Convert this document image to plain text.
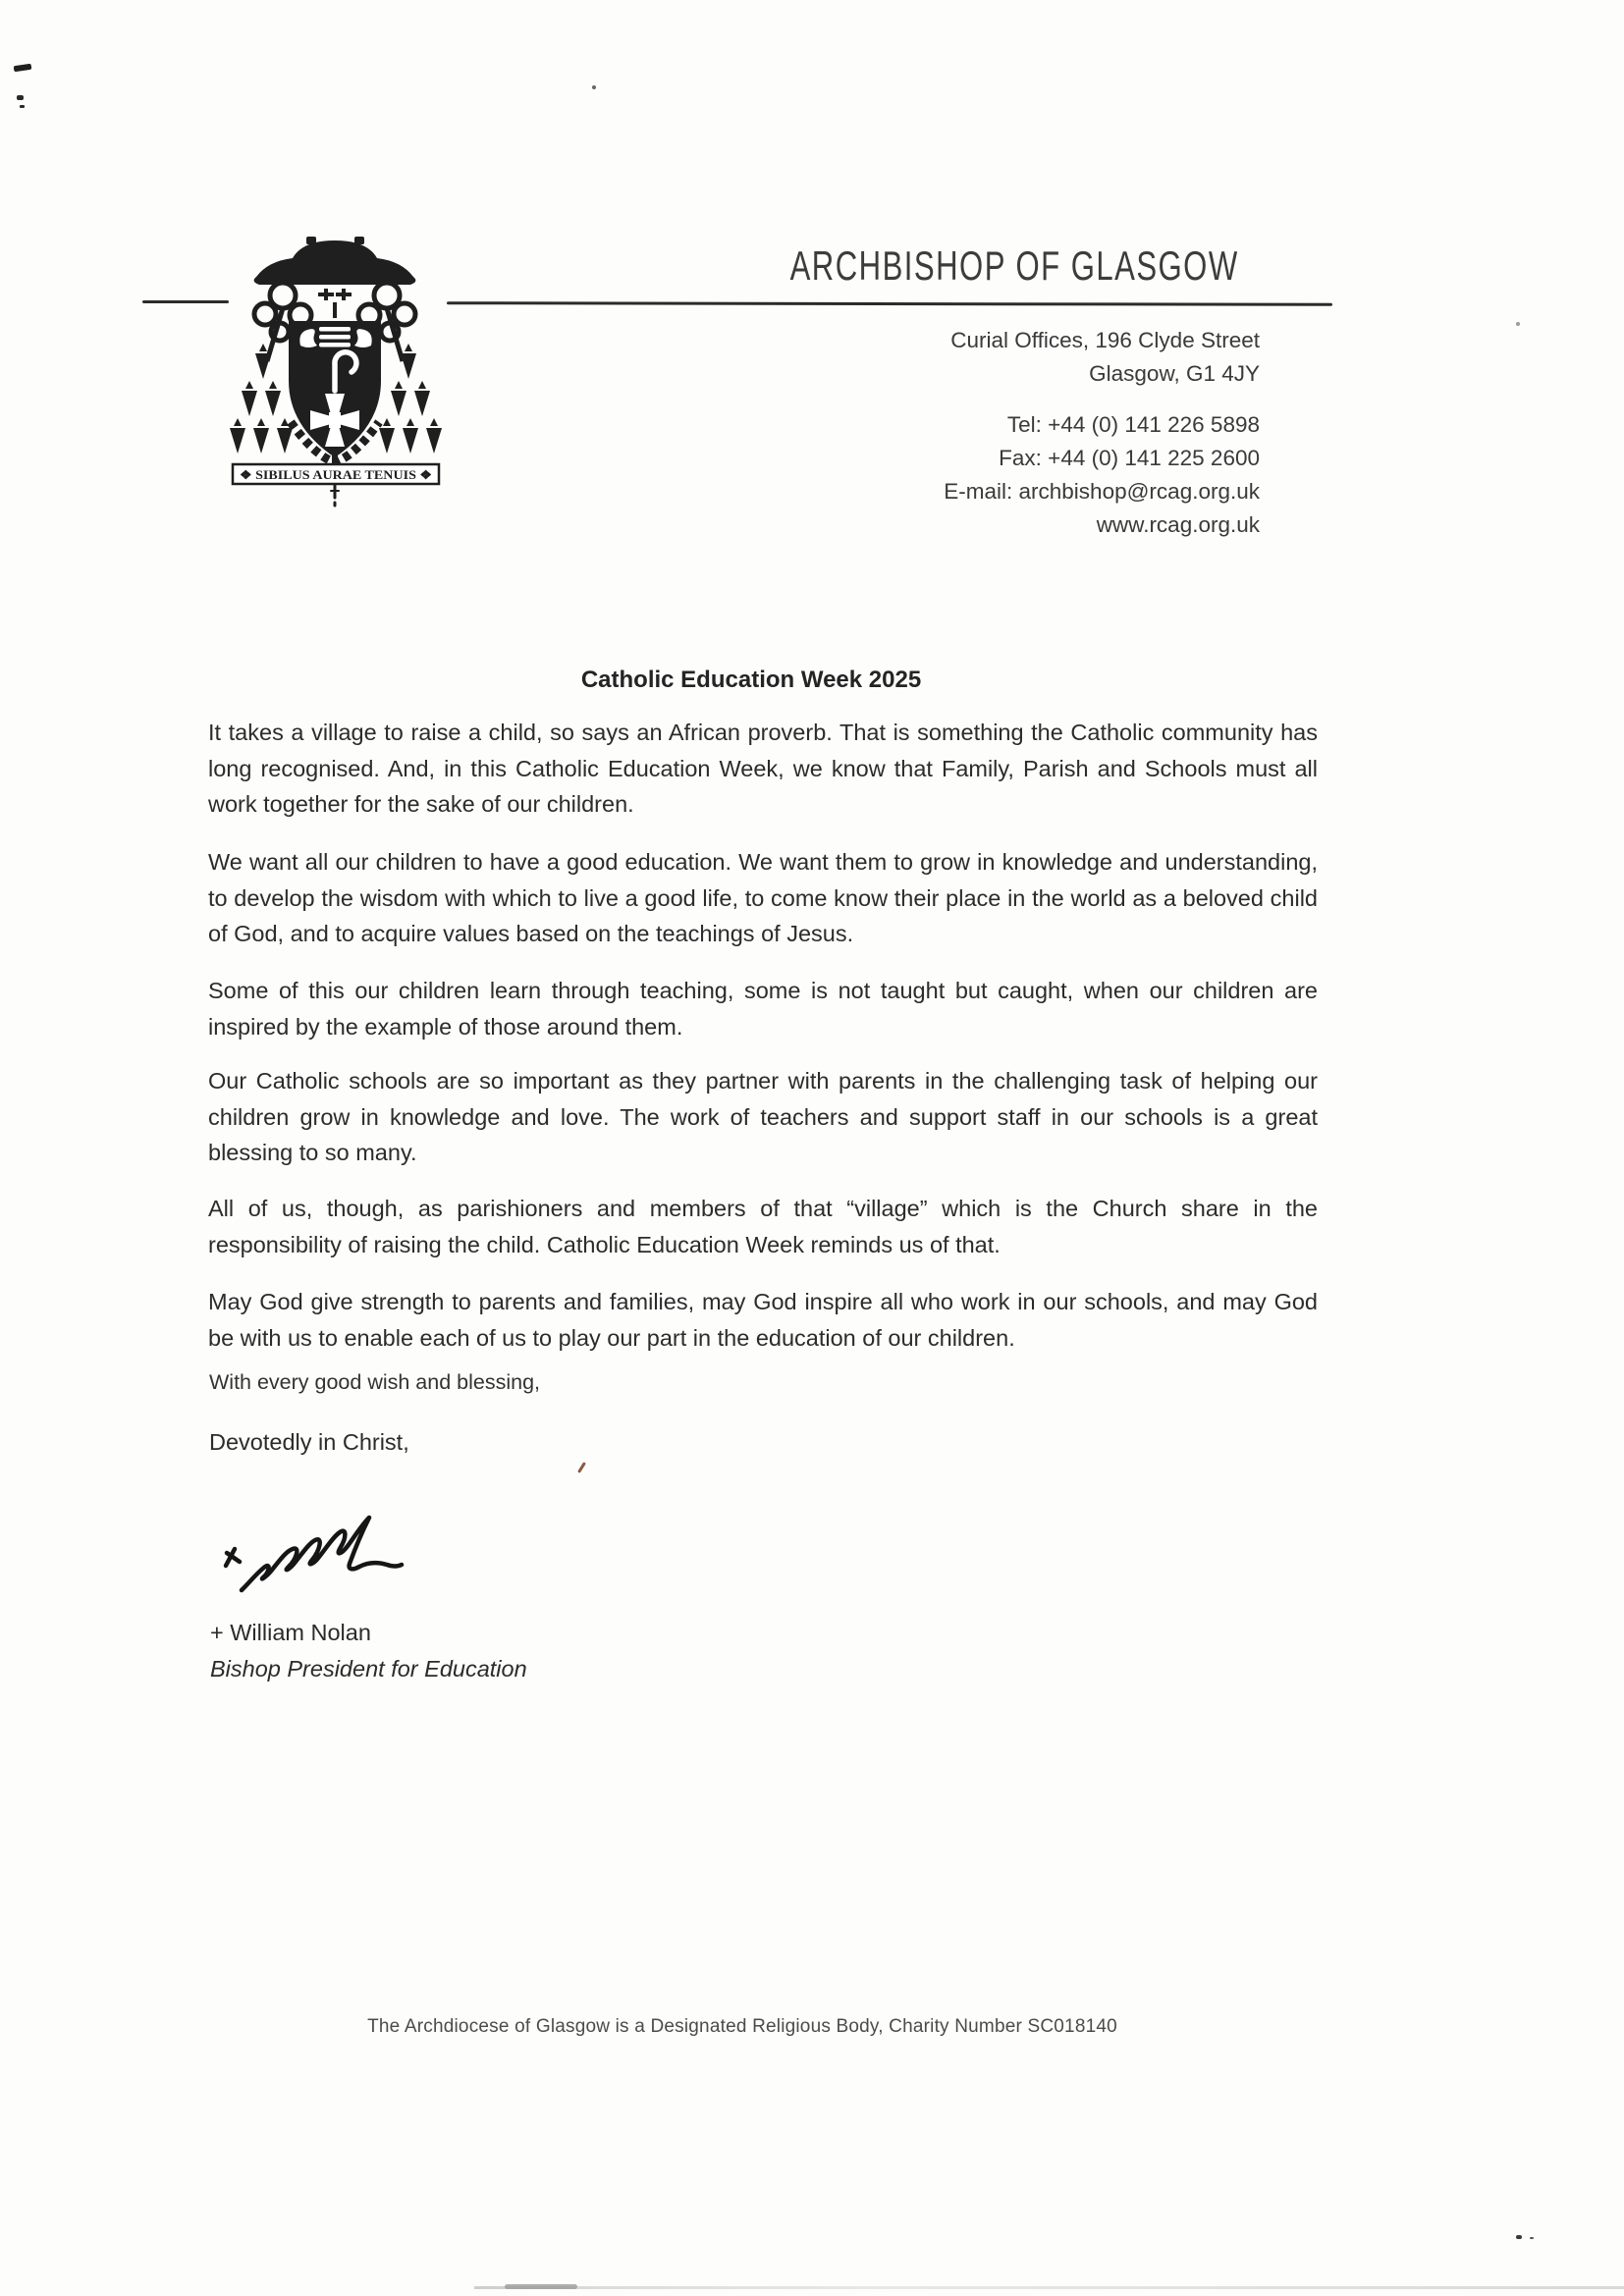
❖ SIBILUS AURAE TENUIS ❖
ARCHBISHOP OF GLASGOW
Curial Offices, 196 Clyde Street
Glasgow, G1 4JY
Tel: +44 (0) 141 226 5898
Fax: +44 (0) 141 225 2600
E-mail: archbishop@rcag.org.uk
www.rcag.org.uk
Catholic Education Week 2025

It takes a village to raise a child, so says an African proverb. That is something the Catholic community has long recognised. And, in this Catholic Education Week, we know that Family, Parish and Schools must all work together for the sake of our children.

We want all our children to have a good education. We want them to grow in knowledge and understanding, to develop the wisdom with which to live a good life, to come know their place in the world as a beloved child of God, and to acquire values based on the teachings of Jesus.

Some of this our children learn through teaching, some is not taught but caught, when our children are inspired by the example of those around them.

Our Catholic schools are so important as they partner with parents in the challenging task of helping our children grow in knowledge and love. The work of teachers and support staff in our schools is a great blessing to so many.

All of us, though, as parishioners and members of that “village” which is the Church share in the responsibility of raising the child. Catholic Education Week reminds us of that.

May God give strength to parents and families, may God inspire all who work in our schools, and may God be with us to enable each of us to play our part in the education of our children.

With every good wish and blessing,
Devotedly in Christ,
+ William Nolan
Bishop President for Education
The Archdiocese of Glasgow is a Designated Religious Body, Charity Number SC018140
